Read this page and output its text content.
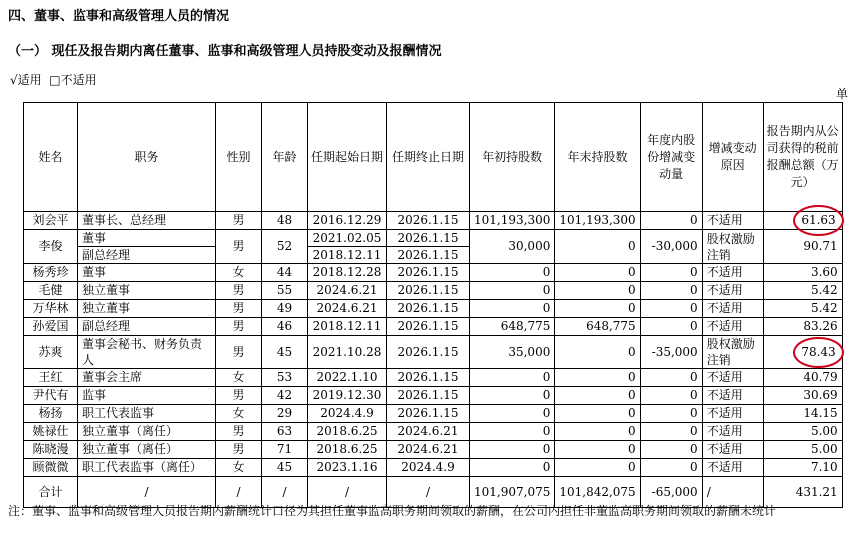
四、董事、监事和高级管理人员的情况
（一） 现任及报告期内离任董事、监事和高级管理人员持股变动及报酬情况
√适用 □不适用
单
姓名	职务	性别	年龄	任期起始日期	任期终止日期	年初持股数	年末持股数	年度内股份增减变动量	增减变动原因	报告期内从公司获得的税前报酬总额（万元）
刘会平	董事长、总经理	男	48	2016.12.29	2026.1.15	101,193,300	101,193,300	0	不适用	61.63
李俊	董事	男	52	2021.02.05	2026.1.15	30,000	0	-30,000	股权激励注销	90.71
	副总经理			2018.12.11	2026.1.15					
杨秀珍	董事	女	44	2018.12.28	2026.1.15	0	0	0	不适用	3.60
毛健	独立董事	男	55	2024.6.21	2026.1.15	0	0	0	不适用	5.42
万华林	独立董事	男	49	2024.6.21	2026.1.15	0	0	0	不适用	5.42
孙爱国	副总经理	男	46	2018.12.11	2026.1.15	648,775	648,775	0	不适用	83.26
苏爽	董事会秘书、财务负责人	男	45	2021.10.28	2026.1.15	35,000	0	-35,000	股权激励注销	78.43
王红	董事会主席	女	53	2022.1.10	2026.1.15	0	0	0	不适用	40.79
尹代有	监事	男	42	2019.12.30	2026.1.15	0	0	0	不适用	30.69
杨扬	职工代表监事	女	29	2024.4.9	2026.1.15	0	0	0	不适用	14.15
姚禄仕	独立董事（离任）	男	63	2018.6.25	2024.6.21	0	0	0	不适用	5.00
陈晓漫	独立董事（离任）	男	71	2018.6.25	2024.6.21	0	0	0	不适用	5.00
顾微微	职工代表监事（离任）	女	45	2023.1.16	2024.4.9	0	0	0	不适用	7.10
合计	/	/	/	/	/	101,907,075	101,842,075	-65,000	/	431.21
注：董事、监事和高级管理人员报告期内薪酬统计口径为其担任董事监高职务期间领取的薪酬，在公司内担任非董监高职务期间领取的薪酬未统计
